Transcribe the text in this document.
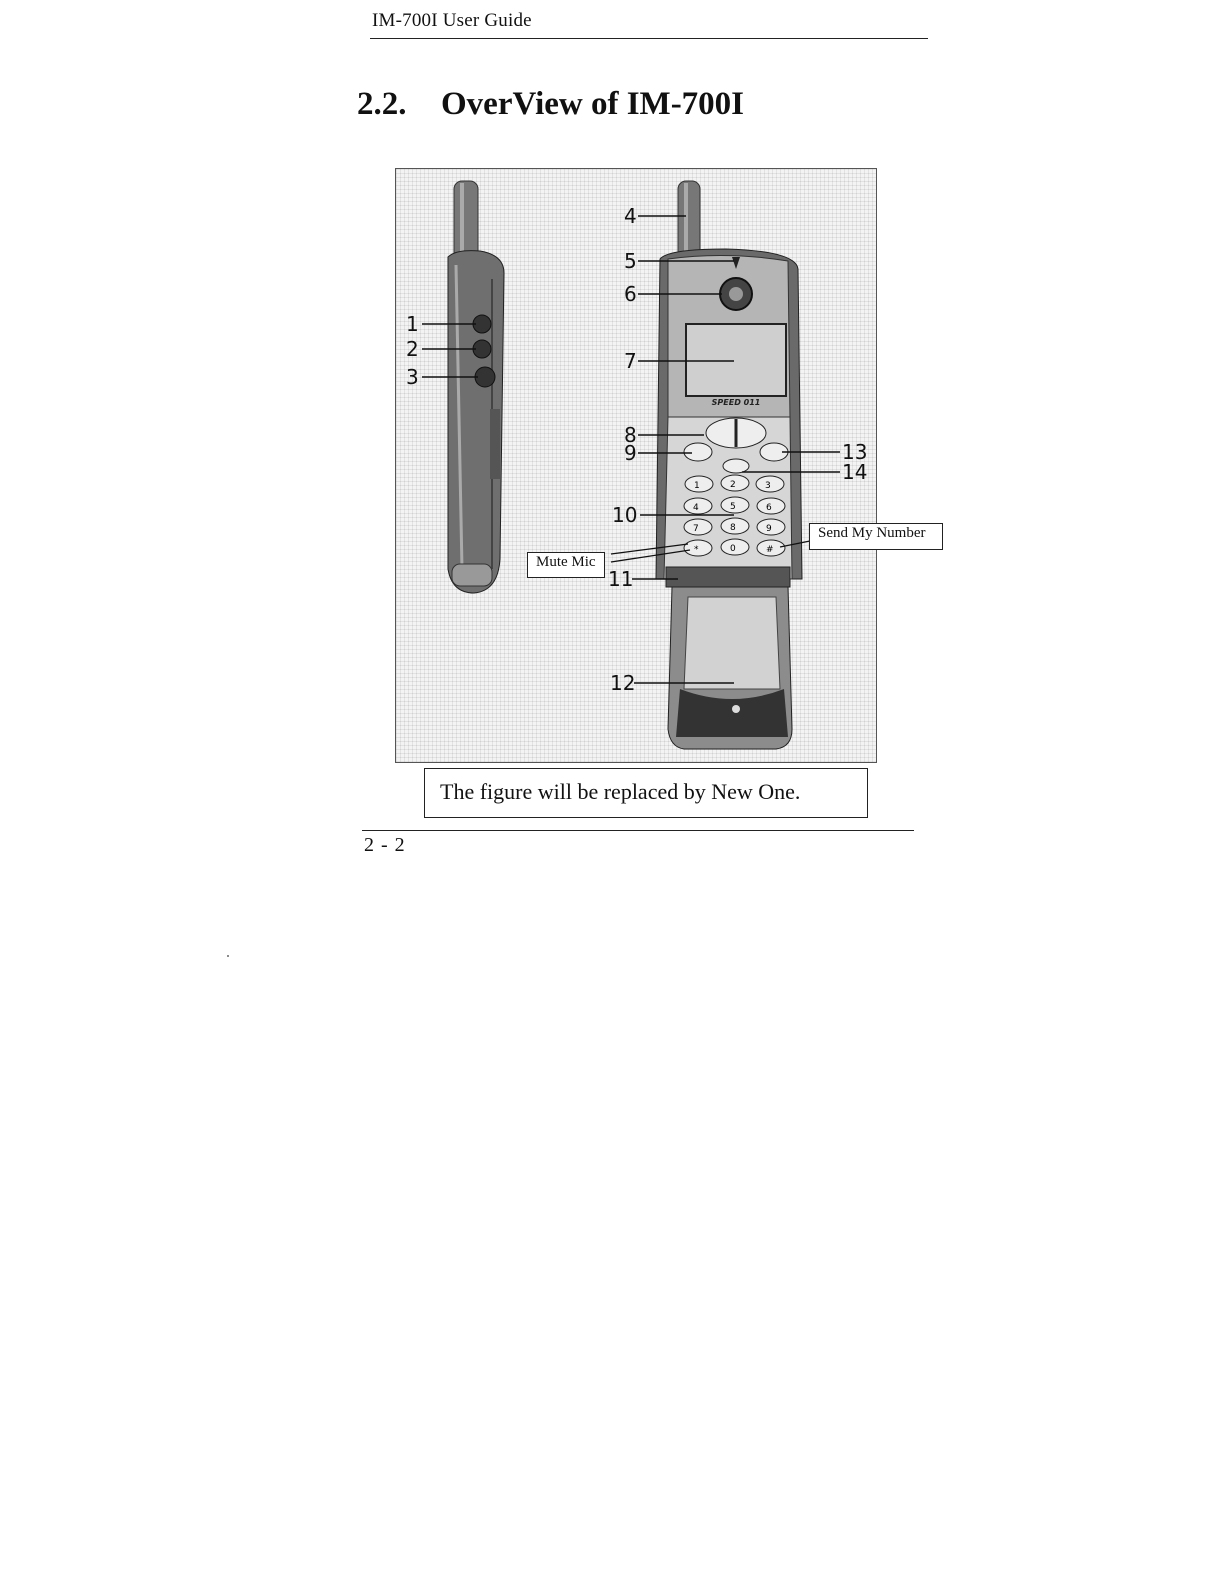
IM-700I User Guide
2.2. OverView of IM-700I
SPEED 011
1	2	3
4	5	6
7	8	9
*	0	#
1
2
3
4
5
6
7
8
9
10
11
12
13
14
Mute Mic
Send My Number
The figure will be replaced by New One.
2 - 2
